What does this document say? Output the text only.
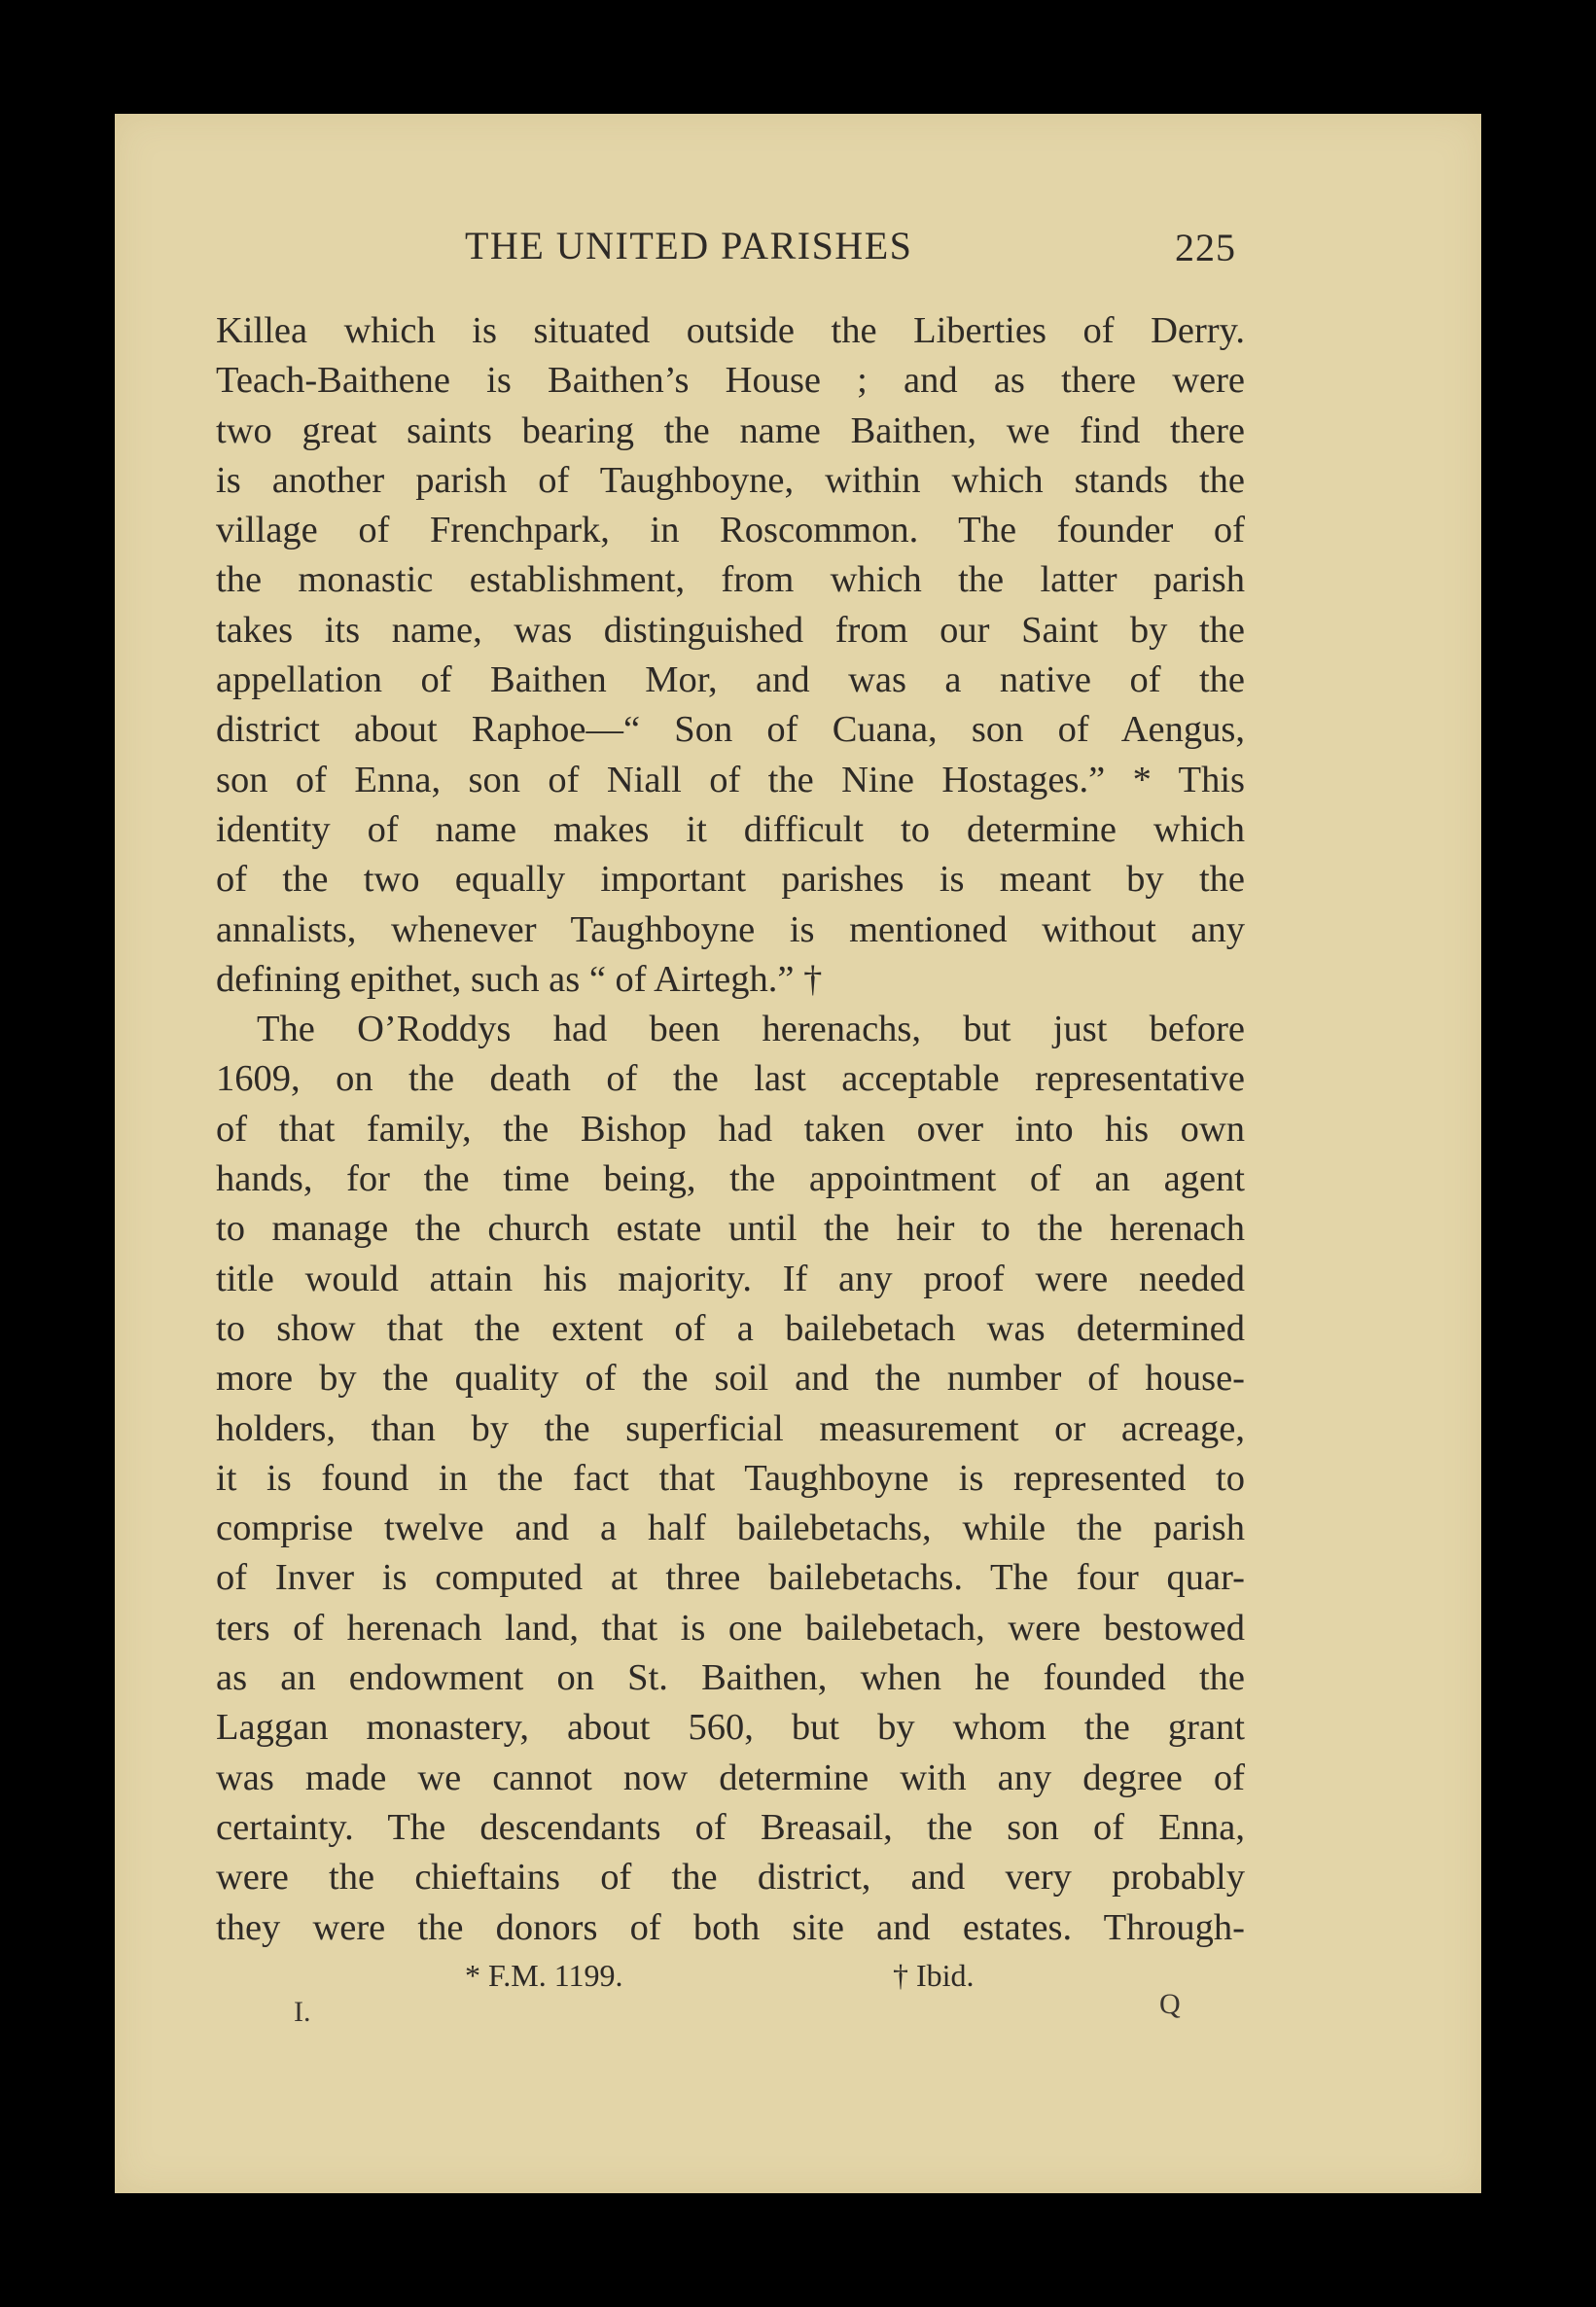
THE UNITED PARISHES	225
Killea which is situated outside the Liberties of Derry.
Teach-Baithene is Baithen’s House ; and as there were
two great saints bearing the name Baithen, we find there
is another parish of Taughboyne, within which stands the
village of Frenchpark, in Roscommon. The founder of
the monastic establishment, from which the latter parish
takes its name, was distinguished from our Saint by the
appellation of Baithen Mor, and was a native of the
district about Raphoe—“ Son of Cuana, son of Aengus,
son of Enna, son of Niall of the Nine Hostages.” * This
identity of name makes it difficult to determine which
of the two equally important parishes is meant by the
annalists, whenever Taughboyne is mentioned without any
defining epithet, such as “ of Airtegh.” †
The O’Roddys had been herenachs, but just before
1609, on the death of the last acceptable representative
of that family, the Bishop had taken over into his own
hands, for the time being, the appointment of an agent
to manage the church estate until the heir to the herenach
title would attain his majority. If any proof were needed
to show that the extent of a bailebetach was determined
more by the quality of the soil and the number of house-
holders, than by the superficial measurement or acreage,
it is found in the fact that Taughboyne is represented to
comprise twelve and a half bailebetachs, while the parish
of Inver is computed at three bailebetachs. The four quar-
ters of herenach land, that is one bailebetach, were bestowed
as an endowment on St. Baithen, when he founded the
Laggan monastery, about 560, but by whom the grant
was made we cannot now determine with any degree of
certainty. The descendants of Breasail, the son of Enna,
were the chieftains of the district, and very probably
they were the donors of both site and estates. Through-
* F.M. 1199.	† Ibid.
I.	Q
